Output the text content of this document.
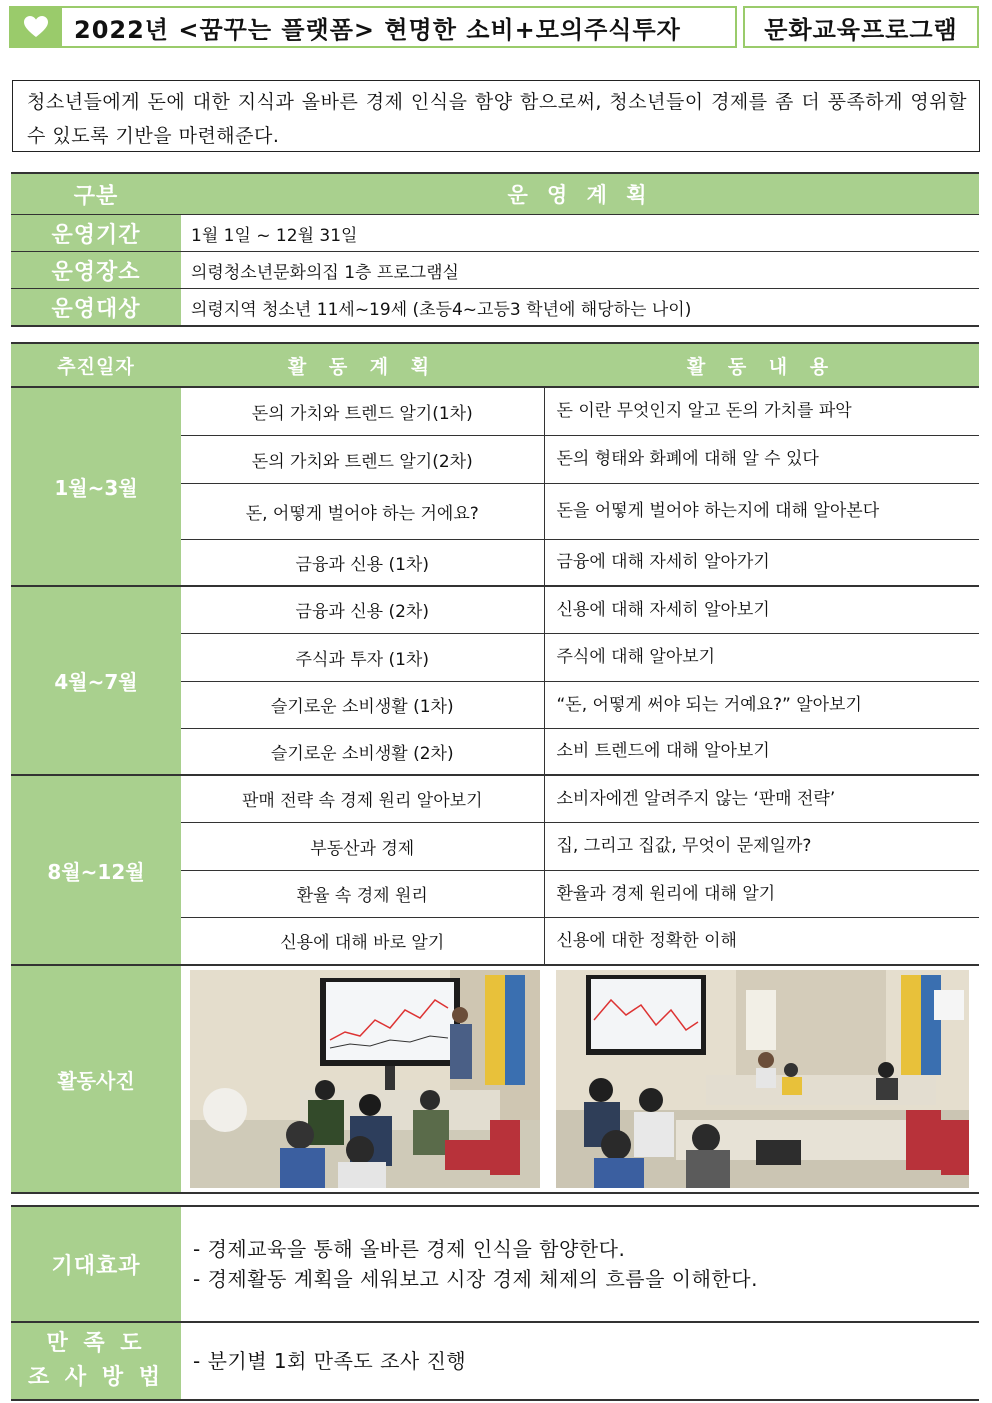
2022년 <꿈꾸는 플랫폼> 현명한 소비+모의주식투자	문화교육프로그램
청소년들에게 돈에 대한 지식과 올바른 경제 인식을 함양 함으로써, 청소년들이 경제를 좀 더 풍족하게 영위할 수 있도록 기반을 마련해준다.
구분	운 영 계 획
운영기간	1월 1일 ~ 12월 31일
운영장소	의령청소년문화의집 1층 프로그램실
운영대상	의령지역 청소년 11세~19세 (초등4~고등3 학년에 해당하는 나이)
추진일자	활 동 계 획	활 동 내 용
1월~3월	돈의 가치와 트렌드 알기(1차)	돈 이란 무엇인지 알고 돈의 가치를 파악
	돈의 가치와 트렌드 알기(2차)	돈의 형태와 화폐에 대해 알 수 있다
	돈, 어떻게 벌어야 하는 거에요?	돈을 어떻게 벌어야 하는지에 대해 알아본다
	금융과 신용 (1차)	금융에 대해 자세히 알아가기
4월~7월	금융과 신용 (2차)	신용에 대해 자세히 알아보기
	주식과 투자 (1차)	주식에 대해 알아보기
	슬기로운 소비생활 (1차)	“돈, 어떻게 써야 되는 거예요?” 알아보기
	슬기로운 소비생활 (2차)	소비 트렌드에 대해 알아보기
8월~12월	판매 전략 속 경제 원리 알아보기	소비자에겐 알려주지 않는 ‘판매 전략’
	부동산과 경제	집, 그리고 집값, 무엇이 문제일까?
	환율 속 경제 원리	환율과 경제 원리에 대해 알기
	신용에 대해 바로 알기	신용에 대한 정확한 이해
활동사진	
기대효과	- 경제교육을 통해 올바른 경제 인식을 함양한다.
- 경제활동 계획을 세워보고 시장 경제 체제의 흐름을 이해한다.

만 족 도
조 사 방 법	- 분기별 1회 만족도 조사 진행
